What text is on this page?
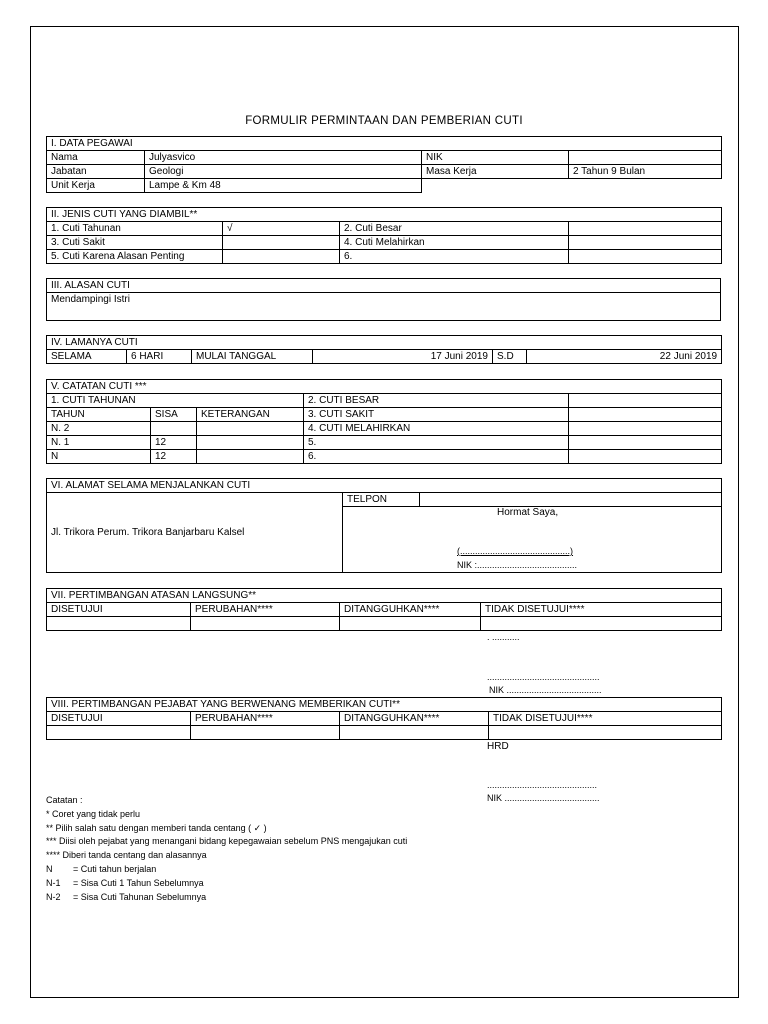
FORMULIR PERMINTAAN DAN PEMBERIAN CUTI
I. DATA PEGAWAI			
Nama	Julyasvico	NIK	
Jabatan	Geologi	Masa Kerja	2 Tahun 9 Bulan
Unit Kerja	Lampe & Km 48		
II. JENIS CUTI YANG DIAMBIL**			
1. Cuti Tahunan	√	2. Cuti Besar	
3. Cuti Sakit		4. Cuti Melahirkan	
5. Cuti Karena Alasan Penting		6.	
III. ALASAN CUTI
Mendampingi Istri
IV. LAMANYA CUTI
SELAMA	6 HARI	MULAI TANGGAL	17 Juni 2019	S.D	22 Juni 2019
V. CATATAN CUTI ***				
1. CUTI TAHUNAN			2. CUTI BESAR	
TAHUN	SISA	KETERANGAN	3. CUTI SAKIT	
N. 2			4. CUTI MELAHIRKAN	
N. 1	12		5.	
N	12		6.	
VI. ALAMAT SELAMA MENJALANKAN CUTI
Jl. Trikora Perum. Trikora Banjarbaru Kalsel	TELPON	

Hormat Saya,
(............................................)
NIK :........................................
VII. PERTIMBANGAN ATASAN LANGSUNG**			
DISETUJUI	PERUBAHAN****	DITANGGUHKAN****	TIDAK DISETUJUI****

. ...........
.............................................
NIK ......................................
VIII. PERTIMBANGAN PEJABAT YANG BERWENANG MEMBERIKAN CUTI**			
DISETUJUI	PERUBAHAN****	DITANGGUHKAN****	TIDAK DISETUJUI****

HRD
............................................
NIK ......................................
Catatan :
* Coret yang tidak perlu
** Pilih salah satu dengan memberi tanda centang ( ✓ )
*** Diisi oleh pejabat yang menangani bidang kepegawaian sebelum PNS mengajukan cuti
**** Diberi tanda centang dan alasannya
N	= Cuti tahun berjalan
N-1	= Sisa Cuti 1 Tahun Sebelumnya
N-2	= Sisa Cuti Tahunan Sebelumnya
